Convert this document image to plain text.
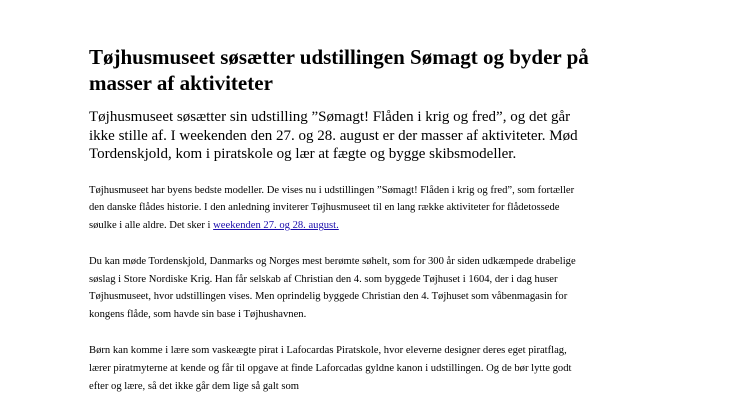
Tøjhusmuseet søsætter udstillingen Sømagt og byder på masser af aktiviteter

Tøjhusmuseet søsætter sin udstilling ”Sømagt! Flåden i krig og fred”, og det går ikke stille af. I weekenden den 27. og 28. august er der masser af aktiviteter. Mød Tordenskjold, kom i piratskole og lær at fægte og bygge skibsmodeller.

Tøjhusmuseet har byens bedste modeller. De vises nu i udstillingen ”Sømagt! Flåden i krig og fred”, som fortæller den danske flådes historie. I den anledning inviterer Tøjhusmuseet til en lang række aktiviteter for flådetossede søulke i alle aldre. Det sker i weekenden 27. og 28. august.

Du kan møde Tordenskjold, Danmarks og Norges mest berømte søhelt, som for 300 år siden udkæmpede drabelige søslag i Store Nordiske Krig. Han får selskab af Christian den 4. som byggede Tøjhuset i 1604, der i dag huser Tøjhusmuseet, hvor udstillingen vises. Men oprindelig byggede Christian den 4. Tøjhuset som våbenmagasin for kongens flåde, som havde sin base i Tøjhushavnen.

Børn kan komme i lære som vaskeægte pirat i Lafocardas Piratskole, hvor eleverne designer deres eget piratflag, lærer piratmyterne at kende og får til opgave at finde Laforcadas gyldne kanon i udstillingen. Og de bør lytte godt efter og lære, så det ikke går dem lige så galt som
